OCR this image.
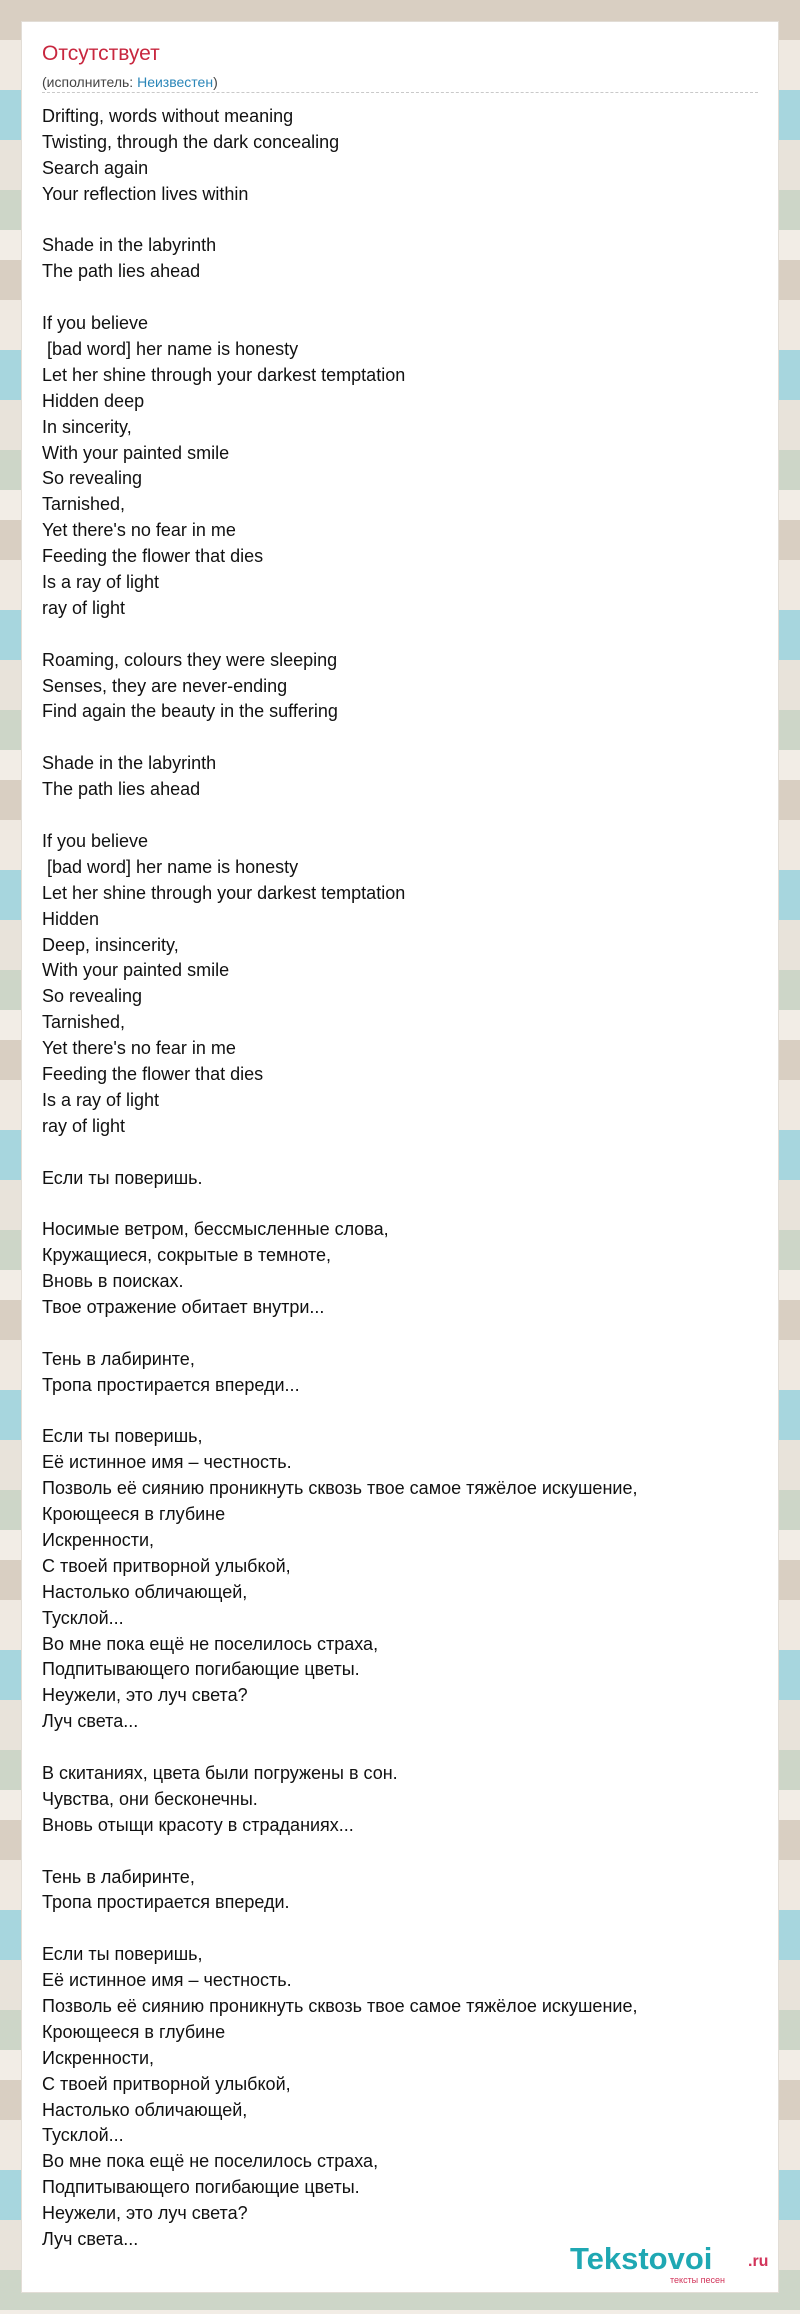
Отсутствует
(исполнитель: Неизвестен)
Drifting, words without meaning
Twisting, through the dark concealing
Search again
Your reflection lives within
Shade in the labyrinth
The path lies ahead
If you believe
[bad word] her name is honesty
Let her shine through your darkest temptation
Hidden deep
In sincerity,
With your painted smile
So revealing
Tarnished,
Yet there's no fear in me
Feeding the flower that dies
Is a ray of light
ray of light
Roaming, colours they were sleeping
Senses, they are never-ending
Find again the beauty in the suffering
Shade in the labyrinth
The path lies ahead
If you believe
[bad word] her name is honesty
Let her shine through your darkest temptation
Hidden
Deep, insincerity,
With your painted smile
So revealing
Tarnished,
Yet there's no fear in me
Feeding the flower that dies
Is a ray of light
ray of light
Если ты поверишь.
Носимые ветром, бессмысленные слова,
Кружащиеся, сокрытые в темноте,
Вновь в поисках.
Твое отражение обитает внутри...
Тень в лабиринте,
Тропа простирается впереди...
Если ты поверишь,
Её истинное имя – честность.
Позволь её сиянию проникнуть сквозь твое самое тяжёлое искушение,
Кроющееся в глубине
Искренности,
С твоей притворной улыбкой,
Настолько обличающей,
Тусклой...
Во мне пока ещё не поселилось страха,
Подпитывающего погибающие цветы.
Неужели, это луч света?
Луч света...
В скитаниях, цвета были погружены в сон.
Чувства, они бесконечны.
Вновь отыщи красоту в страданиях...
Тень в лабиринте,
Тропа простирается впереди.
Если ты поверишь,
Её истинное имя – честность.
Позволь её сиянию проникнуть сквозь твое самое тяжёлое искушение,
Кроющееся в глубине
Искренности,
С твоей притворной улыбкой,
Настолько обличающей,
Тусклой...
Во мне пока ещё не поселилось страха,
Подпитывающего погибающие цветы.
Неужели, это луч света?
Луч света...
Tekstovoi .ru
тексты песен
